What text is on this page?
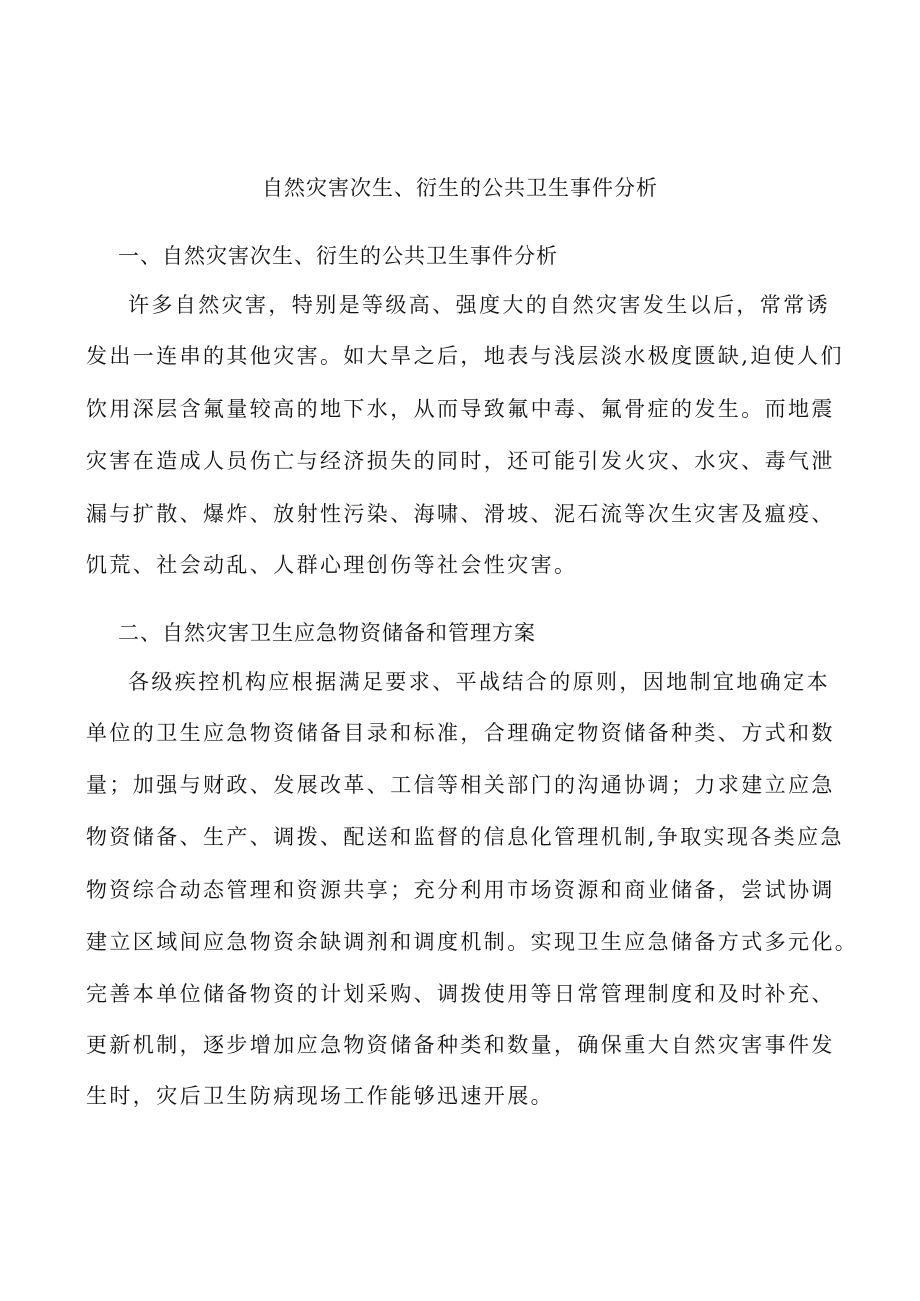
自然灾害次生、衍生的公共卫生事件分析
一、自然灾害次生、衍生的公共卫生事件分析
许多自然灾害，特别是等级高、强度大的自然灾害发生以后，常常诱
发出一连串的其他灾害。如大旱之后，地表与浅层淡水极度匮缺,迫使人们
饮用深层含氟量较高的地下水，从而导致氟中毒、氟骨症的发生。而地震
灾害在造成人员伤亡与经济损失的同时，还可能引发火灾、水灾、毒气泄
漏与扩散、爆炸、放射性污染、海啸、滑坡、泥石流等次生灾害及瘟疫、
饥荒、社会动乱、人群心理创伤等社会性灾害。
二、自然灾害卫生应急物资储备和管理方案
各级疾控机构应根据满足要求、平战结合的原则，因地制宜地确定本
单位的卫生应急物资储备目录和标准，合理确定物资储备种类、方式和数
量；加强与财政、发展改革、工信等相关部门的沟通协调；力求建立应急
物资储备、生产、调拨、配送和监督的信息化管理机制,争取实现各类应急
物资综合动态管理和资源共享；充分利用市场资源和商业储备，尝试协调
建立区域间应急物资余缺调剂和调度机制。实现卫生应急储备方式多元化。
完善本单位储备物资的计划采购、调拨使用等日常管理制度和及时补充、
更新机制，逐步增加应急物资储备种类和数量，确保重大自然灾害事件发
生时，灾后卫生防病现场工作能够迅速开展。
